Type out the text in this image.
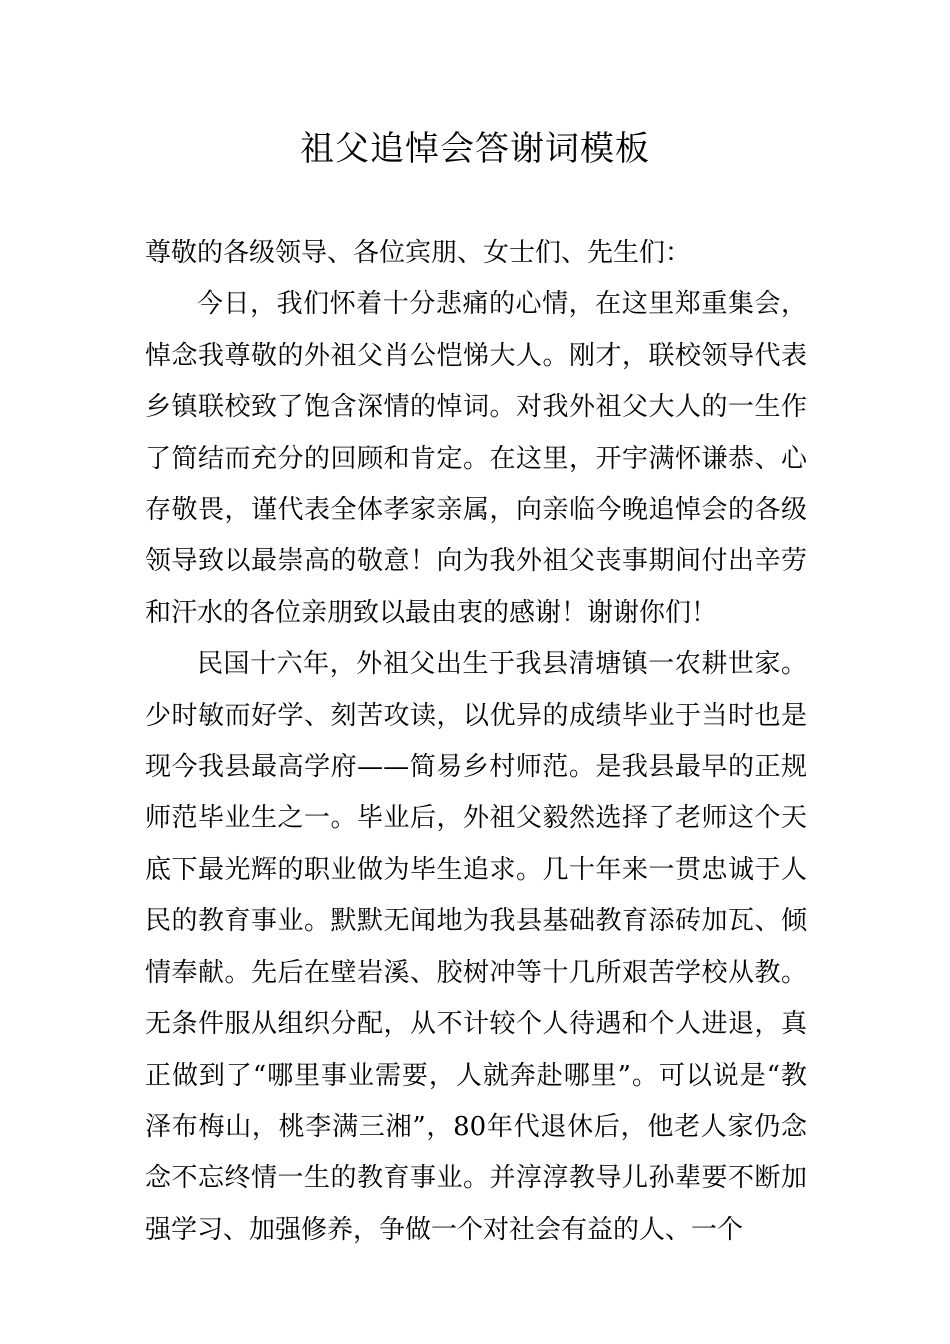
祖父追悼会答谢词模板

尊敬的各级领导、各位宾朋、女士们、先生们：

今日，我们怀着十分悲痛的心情，在这里郑重集会，悼念我尊敬的外祖父肖公恺悌大人。刚才，联校领导代表乡镇联校致了饱含深情的悼词。对我外祖父大人的一生作了简结而充分的回顾和肯定。在这里，开宇满怀谦恭、心存敬畏，谨代表全体孝家亲属，向亲临今晚追悼会的各级领导致以最崇高的敬意！向为我外祖父丧事期间付出辛劳和汗水的各位亲朋致以最由衷的感谢！谢谢你们！

民国十六年，外祖父出生于我县清塘镇一农耕世家。少时敏而好学、刻苦攻读，以优异的成绩毕业于当时也是现今我县最高学府——简易乡村师范。是我县最早的正规师范毕业生之一。毕业后，外祖父毅然选择了老师这个天底下最光辉的职业做为毕生追求。几十年来一贯忠诚于人民的教育事业。默默无闻地为我县基础教育添砖加瓦、倾情奉献。先后在壁岩溪、胶树冲等十几所艰苦学校从教。无条件服从组织分配，从不计较个人待遇和个人进退，真正做到了“哪里事业需要，人就奔赴哪里”。可以说是“教泽布梅山，桃李满三湘”，80年代退休后，他老人家仍念念不忘终情一生的教育事业。并淳淳教导儿孙辈要不断加强学习、加强修养，争做一个对社会有益的人、一个
